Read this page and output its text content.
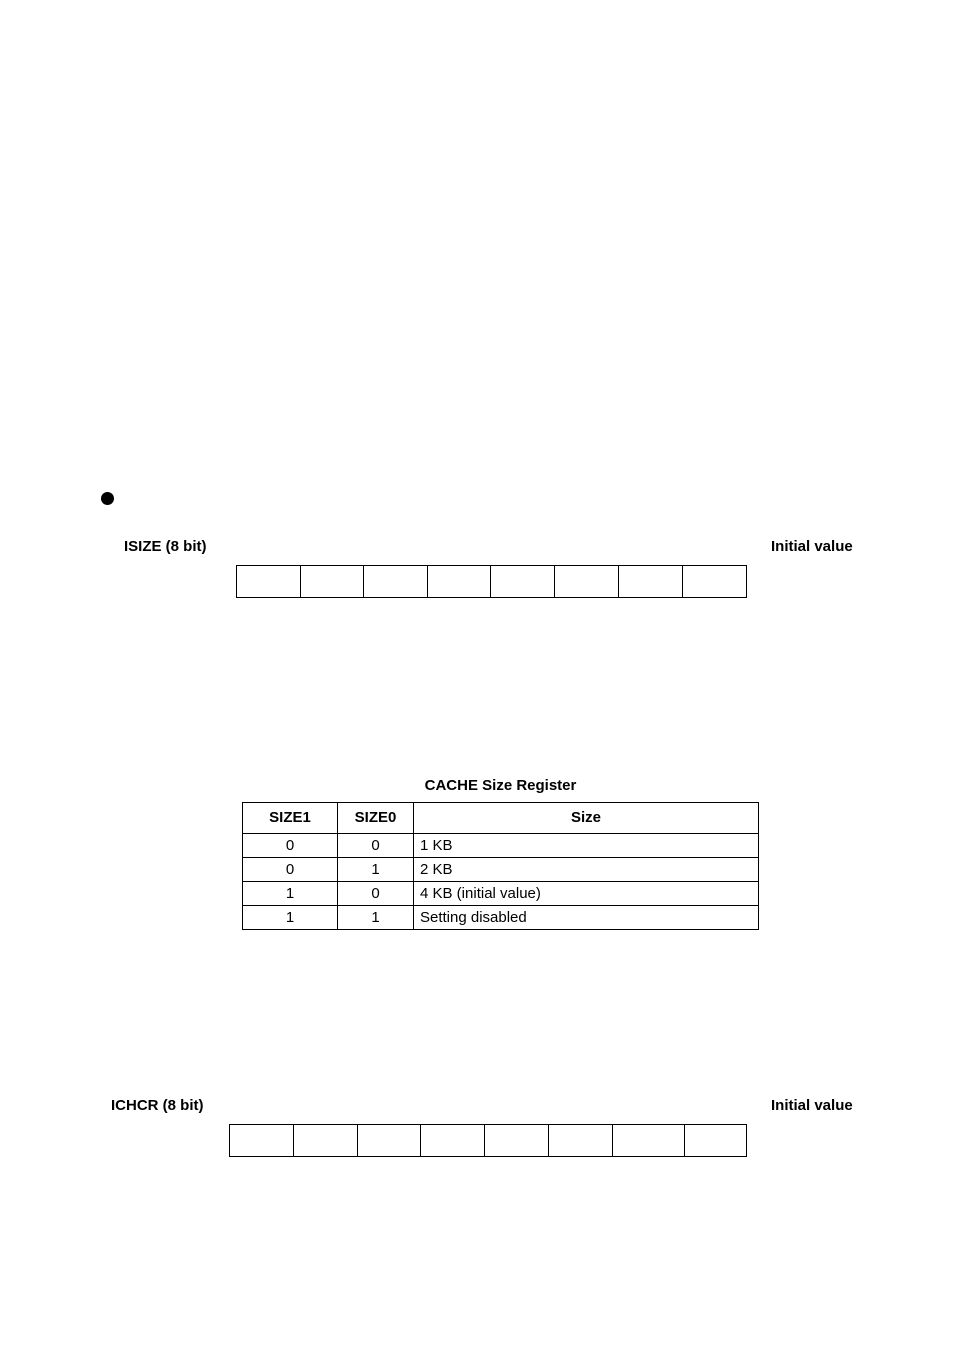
ISIZE (8 bit)	Initial value
CACHE Size Register
SIZE1	SIZE0	Size
0	0	1 KB
0	1	2 KB
1	0	4 KB (initial value)
1	1	Setting disabled
ICHCR (8 bit)	Initial value
